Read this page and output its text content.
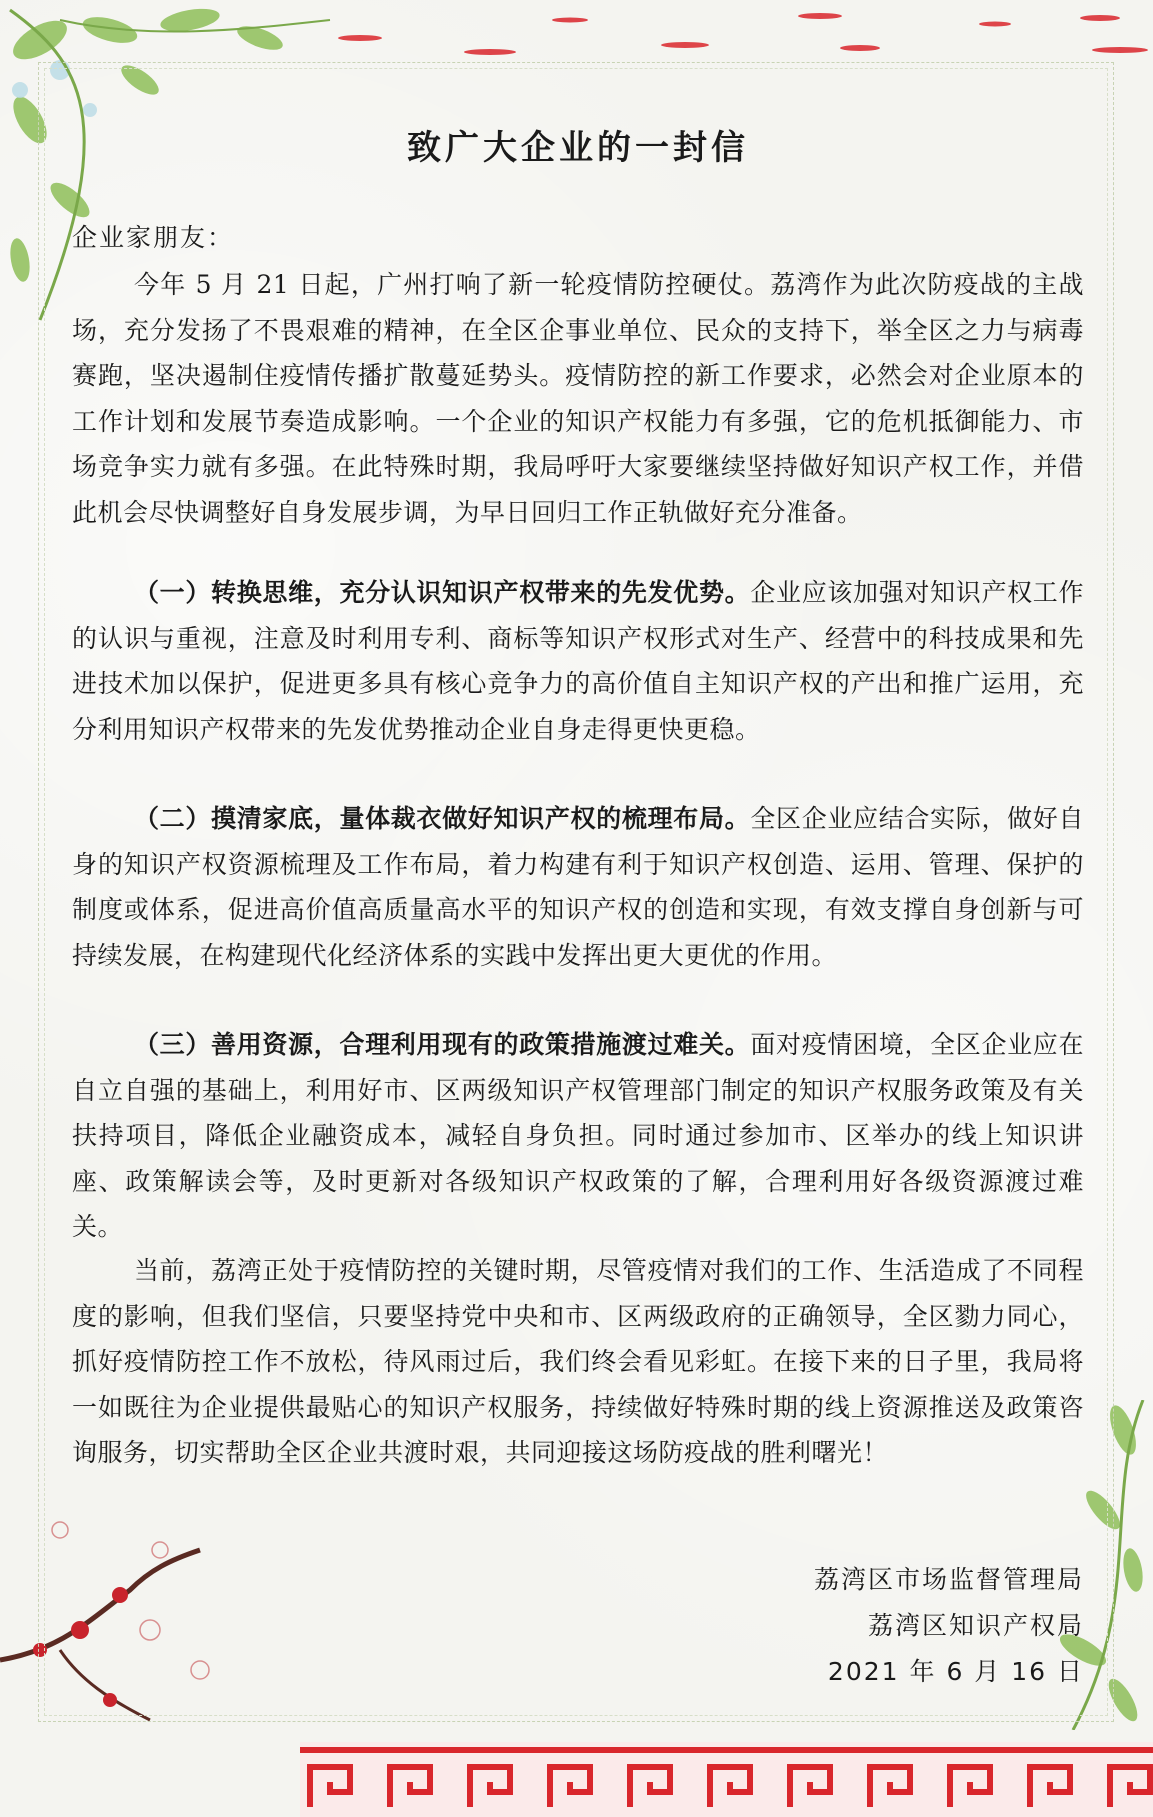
致广大企业的一封信
企业家朋友：
今年 5 月 21 日起，广州打响了新一轮疫情防控硬仗。荔湾作为此次防疫战的主战场，充分发扬了不畏艰难的精神，在全区企事业单位、民众的支持下，举全区之力与病毒赛跑，坚决遏制住疫情传播扩散蔓延势头。疫情防控的新工作要求，必然会对企业原本的工作计划和发展节奏造成影响。一个企业的知识产权能力有多强，它的危机抵御能力、市场竞争实力就有多强。在此特殊时期，我局呼吁大家要继续坚持做好知识产权工作，并借此机会尽快调整好自身发展步调，为早日回归工作正轨做好充分准备。
（一）转换思维，充分认识知识产权带来的先发优势。企业应该加强对知识产权工作的认识与重视，注意及时利用专利、商标等知识产权形式对生产、经营中的科技成果和先进技术加以保护，促进更多具有核心竞争力的高价值自主知识产权的产出和推广运用，充分利用知识产权带来的先发优势推动企业自身走得更快更稳。
（二）摸清家底，量体裁衣做好知识产权的梳理布局。全区企业应结合实际，做好自身的知识产权资源梳理及工作布局，着力构建有利于知识产权创造、运用、管理、保护的制度或体系，促进高价值高质量高水平的知识产权的创造和实现，有效支撑自身创新与可持续发展，在构建现代化经济体系的实践中发挥出更大更优的作用。
（三）善用资源，合理利用现有的政策措施渡过难关。面对疫情困境，全区企业应在自立自强的基础上，利用好市、区两级知识产权管理部门制定的知识产权服务政策及有关扶持项目，降低企业融资成本，减轻自身负担。同时通过参加市、区举办的线上知识讲座、政策解读会等，及时更新对各级知识产权政策的了解，合理利用好各级资源渡过难关。
当前，荔湾正处于疫情防控的关键时期，尽管疫情对我们的工作、生活造成了不同程度的影响，但我们坚信，只要坚持党中央和市、区两级政府的正确领导，全区勠力同心，抓好疫情防控工作不放松，待风雨过后，我们终会看见彩虹。在接下来的日子里，我局将一如既往为企业提供最贴心的知识产权服务，持续做好特殊时期的线上资源推送及政策咨询服务，切实帮助全区企业共渡时艰，共同迎接这场防疫战的胜利曙光！
荔湾区市场监督管理局
荔湾区知识产权局
2021 年 6 月 16 日
